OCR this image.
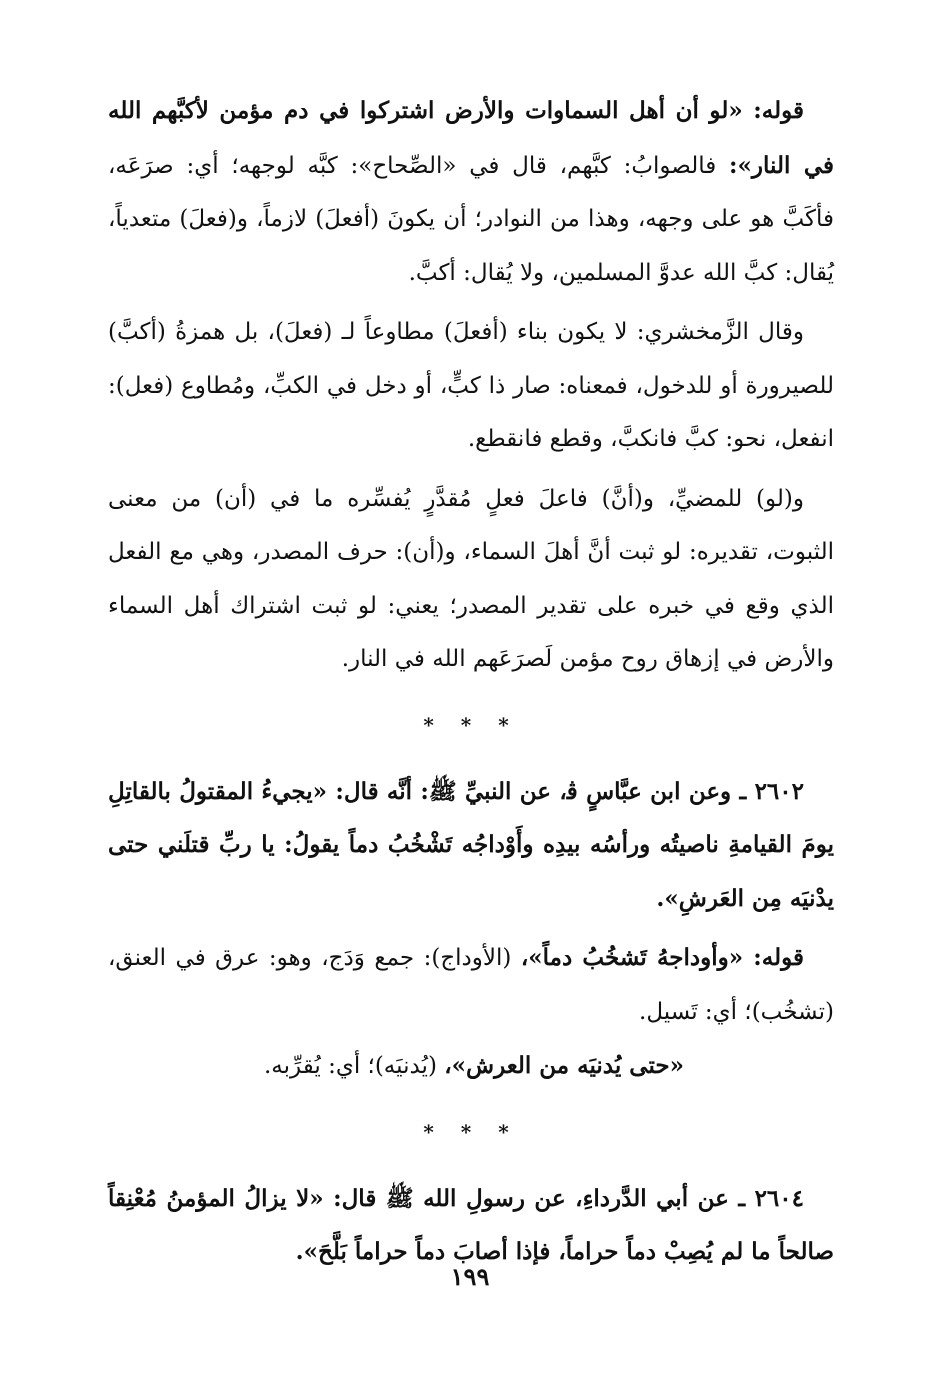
قوله: «لو أن أهل السماوات والأرض اشتركوا في دم مؤمن لأكبَّهم الله في النار»: فالصوابُ: كبَّهم، قال في «الصِّحاح»: كبَّه لوجهه؛ أي: صرَعَه، فأكَبَّ هو على وجهه، وهذا من النوادر؛ أن يكونَ (أفعلَ) لازماً، و(فعلَ) متعدياً، يُقال: كبَّ الله عدوَّ المسلمين، ولا يُقال: أكبَّ.

وقال الزَّمخشري: لا يكون بناء (أفعلَ) مطاوعاً لـ (فعلَ)، بل همزةُ (أكبَّ) للصيرورة أو للدخول، فمعناه: صار ذا كبٍّ، أو دخل في الكبِّ، ومُطاوع (فعل): انفعل، نحو: كبَّ فانكبَّ، وقطع فانقطع.

و(لو) للمضيِّ، و(أنَّ) فاعلَ فعلٍ مُقدَّرٍ يُفسِّره ما في (أن) من معنى الثبوت، تقديره: لو ثبت أنَّ أهلَ السماء، و(أن): حرف المصدر، وهي مع الفعل الذي وقع في خبره على تقدير المصدر؛ يعني: لو ثبت اشتراك أهل السماء والأرض في إزهاق روح مؤمن لَصرَعَهم الله في النار.

* * *

٢٦٠٢ ـ وعن ابن عبَّاسٍ ﭬ، عن النبيِّ ﷺ: أنَّه قال: «يجيءُ المقتولُ بالقاتِلِ يومَ القيامةِ ناصيتُه ورأسُه بيدِه وأَوْداجُه تَشْخُبُ دماً يقولُ: يا ربِّ قتلَني حتى يدْنيَه مِن العَرشِ».

قوله: «وأوداجهُ تَشخُبُ دماً»، (الأوداج): جمع وَدَج، وهو: عرق في العنق، (تشخُب)؛ أي: تَسيل.

«حتى يُدنيَه من العرش»، (يُدنيَه)؛ أي: يُقرِّبه.

* * *

٢٦٠٤ ـ عن أبي الدَّرداءِ، عن رسولِ الله ﷺ قال: «لا يزالُ المؤمنُ مُعْنِقاً صالحاً ما لم يُصِبْ دماً حراماً، فإذا أصابَ دماً حراماً بَلَّحَ».

١٩٩
